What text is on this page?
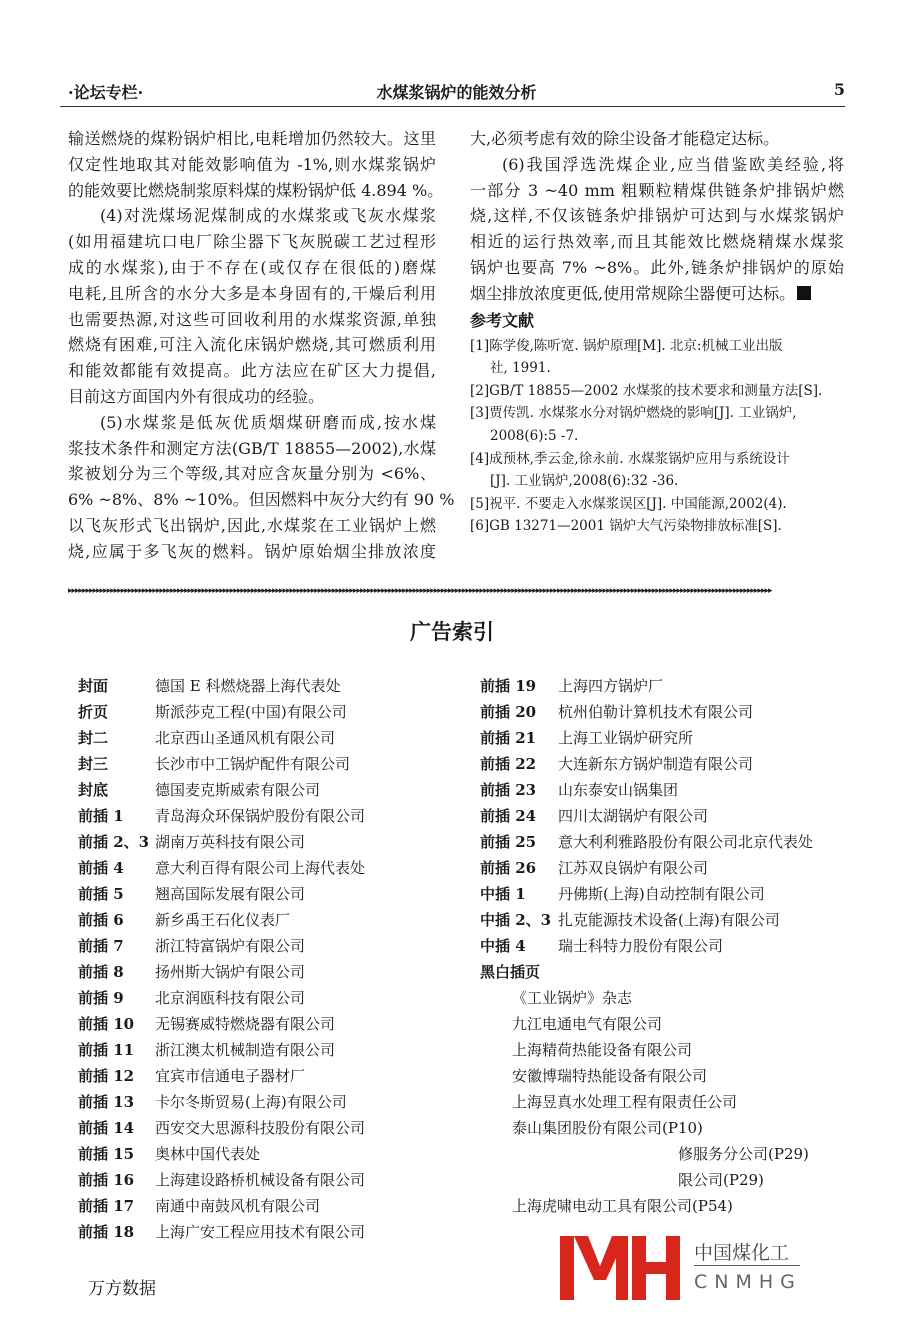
·论坛专栏·	水煤浆锅炉的能效分析	5
输送燃烧的煤粉锅炉相比,电耗增加仍然较大。这里
仅定性地取其对能效影响值为 -1%,则水煤浆锅炉
的能效要比燃烧制浆原料煤的煤粉锅炉低 4.894 %。
(4)对洗煤场泥煤制成的水煤浆或飞灰水煤浆
(如用福建坑口电厂除尘器下飞灰脱碳工艺过程形
成的水煤浆),由于不存在(或仅存在很低的)磨煤
电耗,且所含的水分大多是本身固有的,干燥后利用
也需要热源,对这些可回收利用的水煤浆资源,单独
燃烧有困难,可注入流化床锅炉燃烧,其可燃质利用
和能效都能有效提高。此方法应在矿区大力提倡,
目前这方面国内外有很成功的经验。
(5)水煤浆是低灰优质烟煤研磨而成,按水煤
浆技术条件和测定方法(GB/T 18855—2002),水煤
浆被划分为三个等级,其对应含灰量分别为 <6%、
6% ~8%、8% ~10%。但因燃料中灰分大约有 90 %
以飞灰形式飞出锅炉,因此,水煤浆在工业锅炉上燃
烧,应属于多飞灰的燃料。锅炉原始烟尘排放浓度
大,必须考虑有效的除尘设备才能稳定达标。
(6)我国浮选洗煤企业,应当借鉴欧美经验,将
一部分 3 ~40 mm 粗颗粒精煤供链条炉排锅炉燃
烧,这样,不仅该链条炉排锅炉可达到与水煤浆锅炉
相近的运行热效率,而且其能效比燃烧精煤水煤浆
锅炉也要高 7% ~8%。此外,链条炉排锅炉的原始
烟尘排放浓度更低,使用常规除尘器便可达标。
参考文献
[1]陈学俊,陈听宽. 锅炉原理[M]. 北京:机械工业出版
社, 1991.
[2]GB/T 18855—2002 水煤浆的技术要求和测量方法[S].
[3]贾传凯. 水煤浆水分对锅炉燃烧的影响[J]. 工业锅炉,
2008(6):5 -7.
[4]成预林,季云金,徐永前. 水煤浆锅炉应用与系统设计
[J]. 工业锅炉,2008(6):32 -36.
[5]祝平. 不要走入水煤浆误区[J]. 中国能源,2002(4).
[6]GB 13271—2001 锅炉大气污染物排放标准[S].
▸▸▸▸▸▸▸▸▸▸▸▸▸▸▸▸▸▸▸▸▸▸▸▸▸▸▸▸▸▸▸▸▸▸▸▸▸▸▸▸▸▸▸▸▸▸▸▸▸▸▸▸▸▸▸▸▸▸▸▸▸▸▸▸▸▸▸▸▸▸▸▸▸▸▸▸▸▸▸▸▸▸▸▸▸▸▸▸▸▸▸▸▸▸▸▸▸▸▸▸▸▸▸▸▸▸▸▸▸▸▸▸▸▸▸▸▸▸▸▸▸▸▸▸▸▸▸▸▸▸▸▸▸▸▸▸▸▸▸▸▸▸▸▸▸▸▸▸▸▸▸▸▸▸▸▸▸▸▸▸▸▸▸▸▸▸▸▸▸▸▸▸▸▸▸▸▸▸▸▸▸▸▸▸▸▸▸▸▸▸▸▸▸▸▸▸▸▸▸▸
广告索引
封面	德国 E 科燃烧器上海代表处
折页	斯派莎克工程(中国)有限公司
封二	北京西山圣通风机有限公司
封三	长沙市中工锅炉配件有限公司
封底	德国麦克斯威索有限公司
前插 1 青岛海众环保锅炉股份有限公司
前插 2、3 湖南万英科技有限公司
前插 4 意大利百得有限公司上海代表处
前插 5 翘高国际发展有限公司
前插 6 新乡禹王石化仪表厂
前插 7 浙江特富锅炉有限公司
前插 8 扬州斯大锅炉有限公司
前插 9 北京润瓯科技有限公司
前插 10 无锡赛威特燃烧器有限公司
前插 11 浙江澳太机械制造有限公司
前插 12 宜宾市信通电子器材厂
前插 13 卡尔冬斯贸易(上海)有限公司
前插 14 西安交大思源科技股份有限公司
前插 15 奥林中国代表处
前插 16 上海建设路桥机械设备有限公司
前插 17 南通中南鼓风机有限公司
前插 18 上海广安工程应用技术有限公司
前插 19 上海四方锅炉厂
前插 20 杭州伯勒计算机技术有限公司
前插 21 上海工业锅炉研究所
前插 22 大连新东方锅炉制造有限公司
前插 23 山东泰安山锅集团
前插 24 四川太湖锅炉有限公司
前插 25 意大利利雅路股份有限公司北京代表处
前插 26 江苏双良锅炉有限公司
中插 1 丹佛斯(上海)自动控制有限公司
中插 2、3 扎克能源技术设备(上海)有限公司
中插 4 瑞士科特力股份有限公司
黑白插页
《工业锅炉》杂志
九江电通电气有限公司
上海精荷热能设备有限公司
安徽博瑞特热能设备有限公司
上海昱真水处理工程有限责任公司
泰山集团股份有限公司(P10)
修服务分公司(P29)
限公司(P29)
上海虎啸电动工具有限公司(P54)
中国煤化工
CNMHG
万方数据
